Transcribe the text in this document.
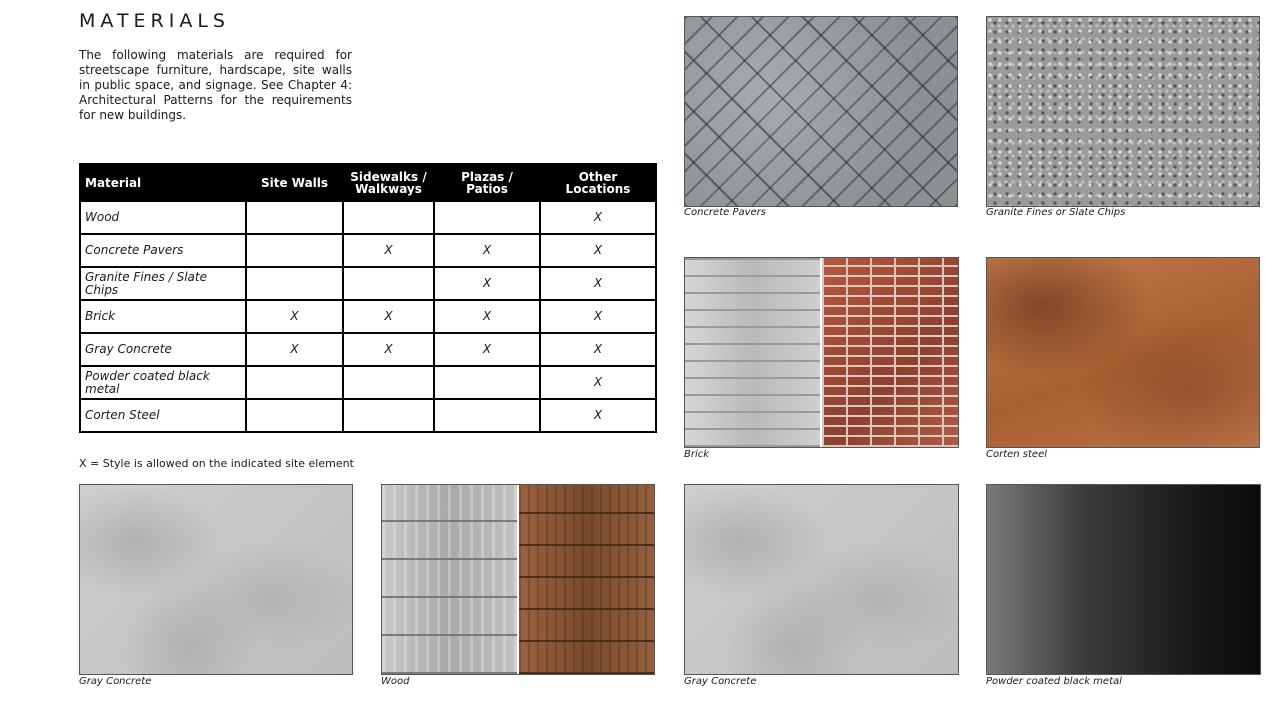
MATERIALS

The following materials are required for streetscape furniture, hardscape, site walls in public space, and signage. See Chapter 4: Architectural Patterns for the requirements for new buildings.

Material	Site Walls	Sidewalks / Walkways	Plazas / Patios	Other Locations
Wood				X
Concrete Pavers		X	X	X
Granite Fines / Slate Chips			X	X
Brick	X	X	X	X
Gray Concrete	X	X	X	X
Powder coated black metal				X
Corten Steel				X

X = Style is allowed on the indicated site element

Concrete Pavers	Granite Fines or Slate Chips

Brick	Corten steel

Gray Concrete	Wood	Gray Concrete	Powder coated black metal
